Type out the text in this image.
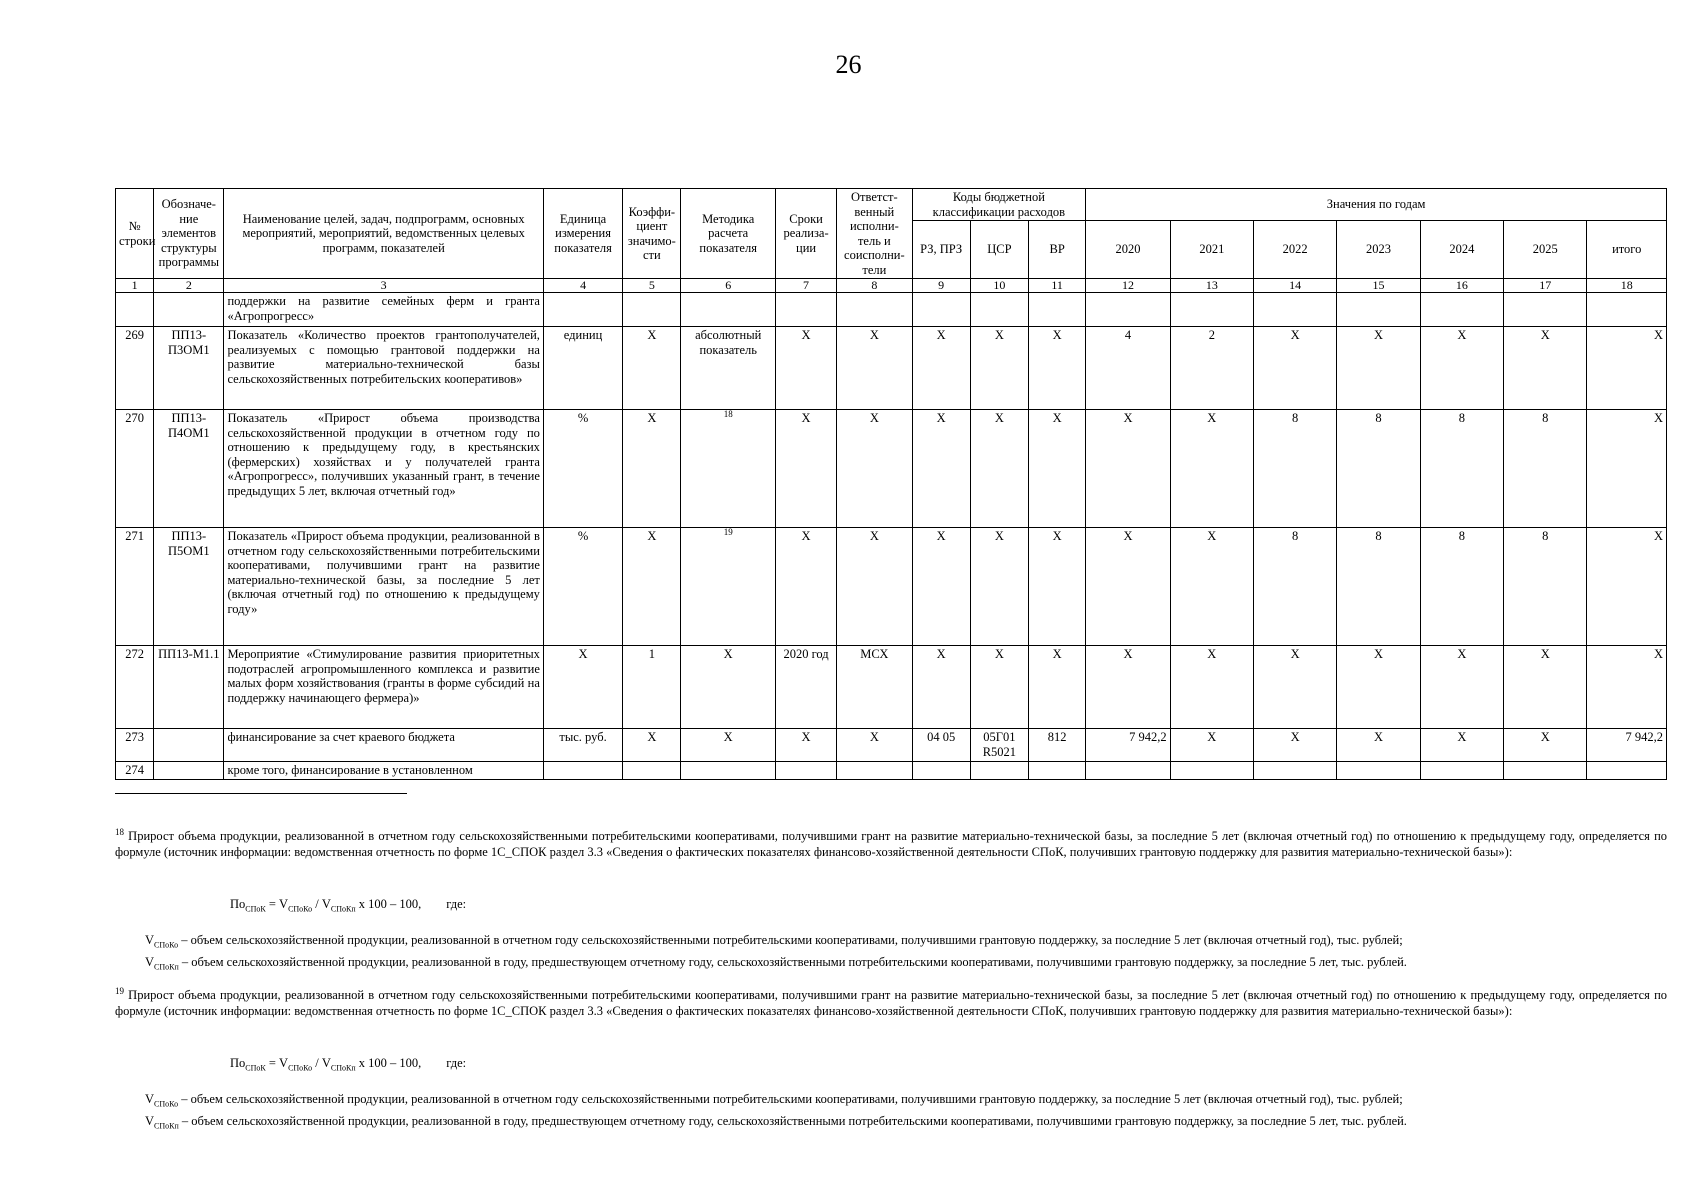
26
№ строки	Обозначе-ние элементов структуры программы	Наименование целей, задач, подпрограмм, основных мероприятий, мероприятий, ведомственных целевых программ, показателей	Единица измерения показателя	Коэффи-циент значимо-сти	Методика расчета показателя	Сроки реализа-ции	Ответст-венный исполни-тель и соисполни-тели	Коды бюджетной классификации расходов			Значения по годам						
								РЗ, ПРЗ	ЦСР	ВР	2020	2021	2022	2023	2024	2025	итого
1	2	3	4	5	6	7	8	9	10	11	12	13	14	15	16	17	18
		поддержки на развитие семейных ферм и гранта «Агропрогресс»															
269	ПП13-П3ОМ1	Показатель «Количество проектов грантополучателей, реализуемых с помощью грантовой поддержки на развитие материально-технической базы сельскохозяйственных потребительских кооперативов»	единиц	X	абсолютный показатель	X	X	X	X	X	4	2	X	X	X	X	X
270	ПП13-П4ОМ1	Показатель «Прирост объема производства сельскохозяйственной продукции в отчетном году по отношению к предыдущему году, в крестьянских (фермерских) хозяйствах и у получателей гранта «Агропрогресс», получивших указанный грант, в течение предыдущих 5 лет, включая отчетный год»	%	X	$^{18}$	X	X	X	X	X	X	X	8	8	8	8	X
271	ПП13-П5ОМ1	Показатель «Прирост объема продукции, реализованной в отчетном году сельскохозяйственными потребительскими кооперативами, получившими грант на развитие материально-технической базы, за последние 5 лет (включая отчетный год) по отношению к предыдущему году»	%	X	$^{19}$	X	X	X	X	X	X	X	8	8	8	8	X
272	ПП13-М1.1	Мероприятие «Стимулирование развития приоритетных подотраслей агропромышленного комплекса и развитие малых форм хозяйствования (гранты в форме субсидий на поддержку начинающего фермера)»	X	1	X	2020 год	МСХ	X	X	X	X	X	X	X	X	X	X
273		финансирование за счет краевого бюджета	тыс. руб.	X	X	X	X	04 05	05Г01 R5021	812	7 942,2	X	X	X	X	X	7 942,2
274		кроме того, финансирование в установленном															
$^{18}$ Прирост объема продукции, реализованной в отчетном году сельскохозяйственными потребительскими кооперативами, получившими грант на развитие материально-технической базы, за последние 5 лет (включая отчетный год) по отношению к предыдущему году, определяется по формуле (источник информации: ведомственная отчетность по форме 1С_СПОК раздел 3.3 «Сведения о фактических показателях финансово-хозяйственной деятельности СПоК, получивших грантовую поддержку для развития материально-технической базы»):
$По_{СПоК} = V_{СПоКо} / V_{СПоКп}$ х 100 – 100,        где:
$V_{СПоКо}$ – объем сельскохозяйственной продукции, реализованной в отчетном году сельскохозяйственными потребительскими кооперативами, получившими грантовую поддержку, за последние 5 лет (включая отчетный год), тыс. рублей;
$V_{СПоКп}$ – объем сельскохозяйственной продукции, реализованной в году, предшествующем отчетному году, сельскохозяйственными потребительскими кооперативами, получившими грантовую поддержку, за последние 5 лет, тыс. рублей.
$^{19}$ Прирост объема продукции, реализованной в отчетном году сельскохозяйственными потребительскими кооперативами, получившими грант на развитие материально-технической базы, за последние 5 лет (включая отчетный год) по отношению к предыдущему году, определяется по формуле (источник информации: ведомственная отчетность по форме 1С_СПОК раздел 3.3 «Сведения о фактических показателях финансово-хозяйственной деятельности СПоК, получивших грантовую поддержку для развития материально-технической базы»):
$По_{СПоК} = V_{СПоКо} / V_{СПоКп}$ х 100 – 100,        где:
$V_{СПоКо}$ – объем сельскохозяйственной продукции, реализованной в отчетном году сельскохозяйственными потребительскими кооперативами, получившими грантовую поддержку, за последние 5 лет (включая отчетный год), тыс. рублей;
$V_{СПоКп}$ – объем сельскохозяйственной продукции, реализованной в году, предшествующем отчетному году, сельскохозяйственными потребительскими кооперативами, получившими грантовую поддержку, за последние 5 лет, тыс. рублей.
